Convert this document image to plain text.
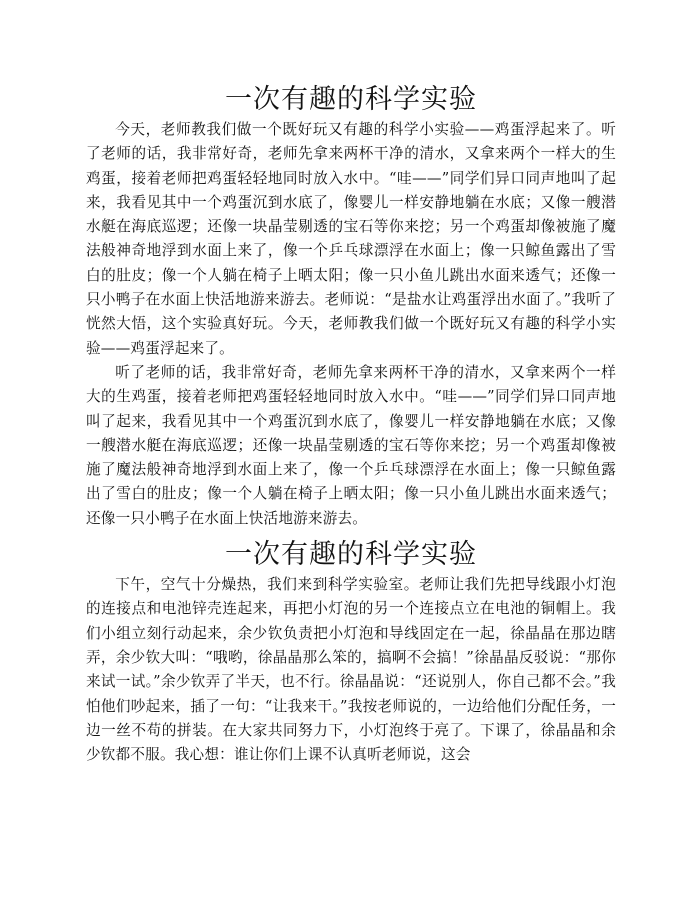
一次有趣的科学实验

今天，老师教我们做一个既好玩又有趣的科学小实验——鸡蛋浮起来了。听了老师的话，我非常好奇，老师先拿来两杯干净的清水，又拿来两个一样大的生鸡蛋，接着老师把鸡蛋轻轻地同时放入水中。“哇——”同学们异口同声地叫了起来，我看见其中一个鸡蛋沉到水底了，像婴儿一样安静地躺在水底；又像一艘潜水艇在海底巡逻；还像一块晶莹剔透的宝石等你来挖；另一个鸡蛋却像被施了魔法般神奇地浮到水面上来了，像一个乒乓球漂浮在水面上；像一只鲸鱼露出了雪白的肚皮；像一个人躺在椅子上晒太阳；像一只小鱼儿跳出水面来透气；还像一只小鸭子在水面上快活地游来游去。老师说：“是盐水让鸡蛋浮出水面了。”我听了恍然大悟，这个实验真好玩。今天，老师教我们做一个既好玩又有趣的科学小实验——鸡蛋浮起来了。

听了老师的话，我非常好奇，老师先拿来两杯干净的清水，又拿来两个一样大的生鸡蛋，接着老师把鸡蛋轻轻地同时放入水中。“哇——”同学们异口同声地叫了起来，我看见其中一个鸡蛋沉到水底了，像婴儿一样安静地躺在水底；又像一艘潜水艇在海底巡逻；还像一块晶莹剔透的宝石等你来挖；另一个鸡蛋却像被施了魔法般神奇地浮到水面上来了，像一个乒乓球漂浮在水面上；像一只鲸鱼露出了雪白的肚皮；像一个人躺在椅子上晒太阳；像一只小鱼儿跳出水面来透气；还像一只小鸭子在水面上快活地游来游去。

一次有趣的科学实验

下午，空气十分燥热，我们来到科学实验室。老师让我们先把导线跟小灯泡的连接点和电池锌壳连起来，再把小灯泡的另一个连接点立在电池的铜帽上。我们小组立刻行动起来，余少钦负责把小灯泡和导线固定在一起，徐晶晶在那边瞎弄，余少钦大叫：“哦哟，徐晶晶那么笨的，搞啊不会搞！”徐晶晶反驳说：“那你来试一试。”余少钦弄了半天，也不行。徐晶晶说：“还说别人，你自己都不会。”我怕他们吵起来，插了一句：“让我来干。”我按老师说的，一边给他们分配任务，一边一丝不苟的拼装。在大家共同努力下，小灯泡终于亮了。下课了，徐晶晶和余少钦都不服。我心想：谁让你们上课不认真听老师说，这会
